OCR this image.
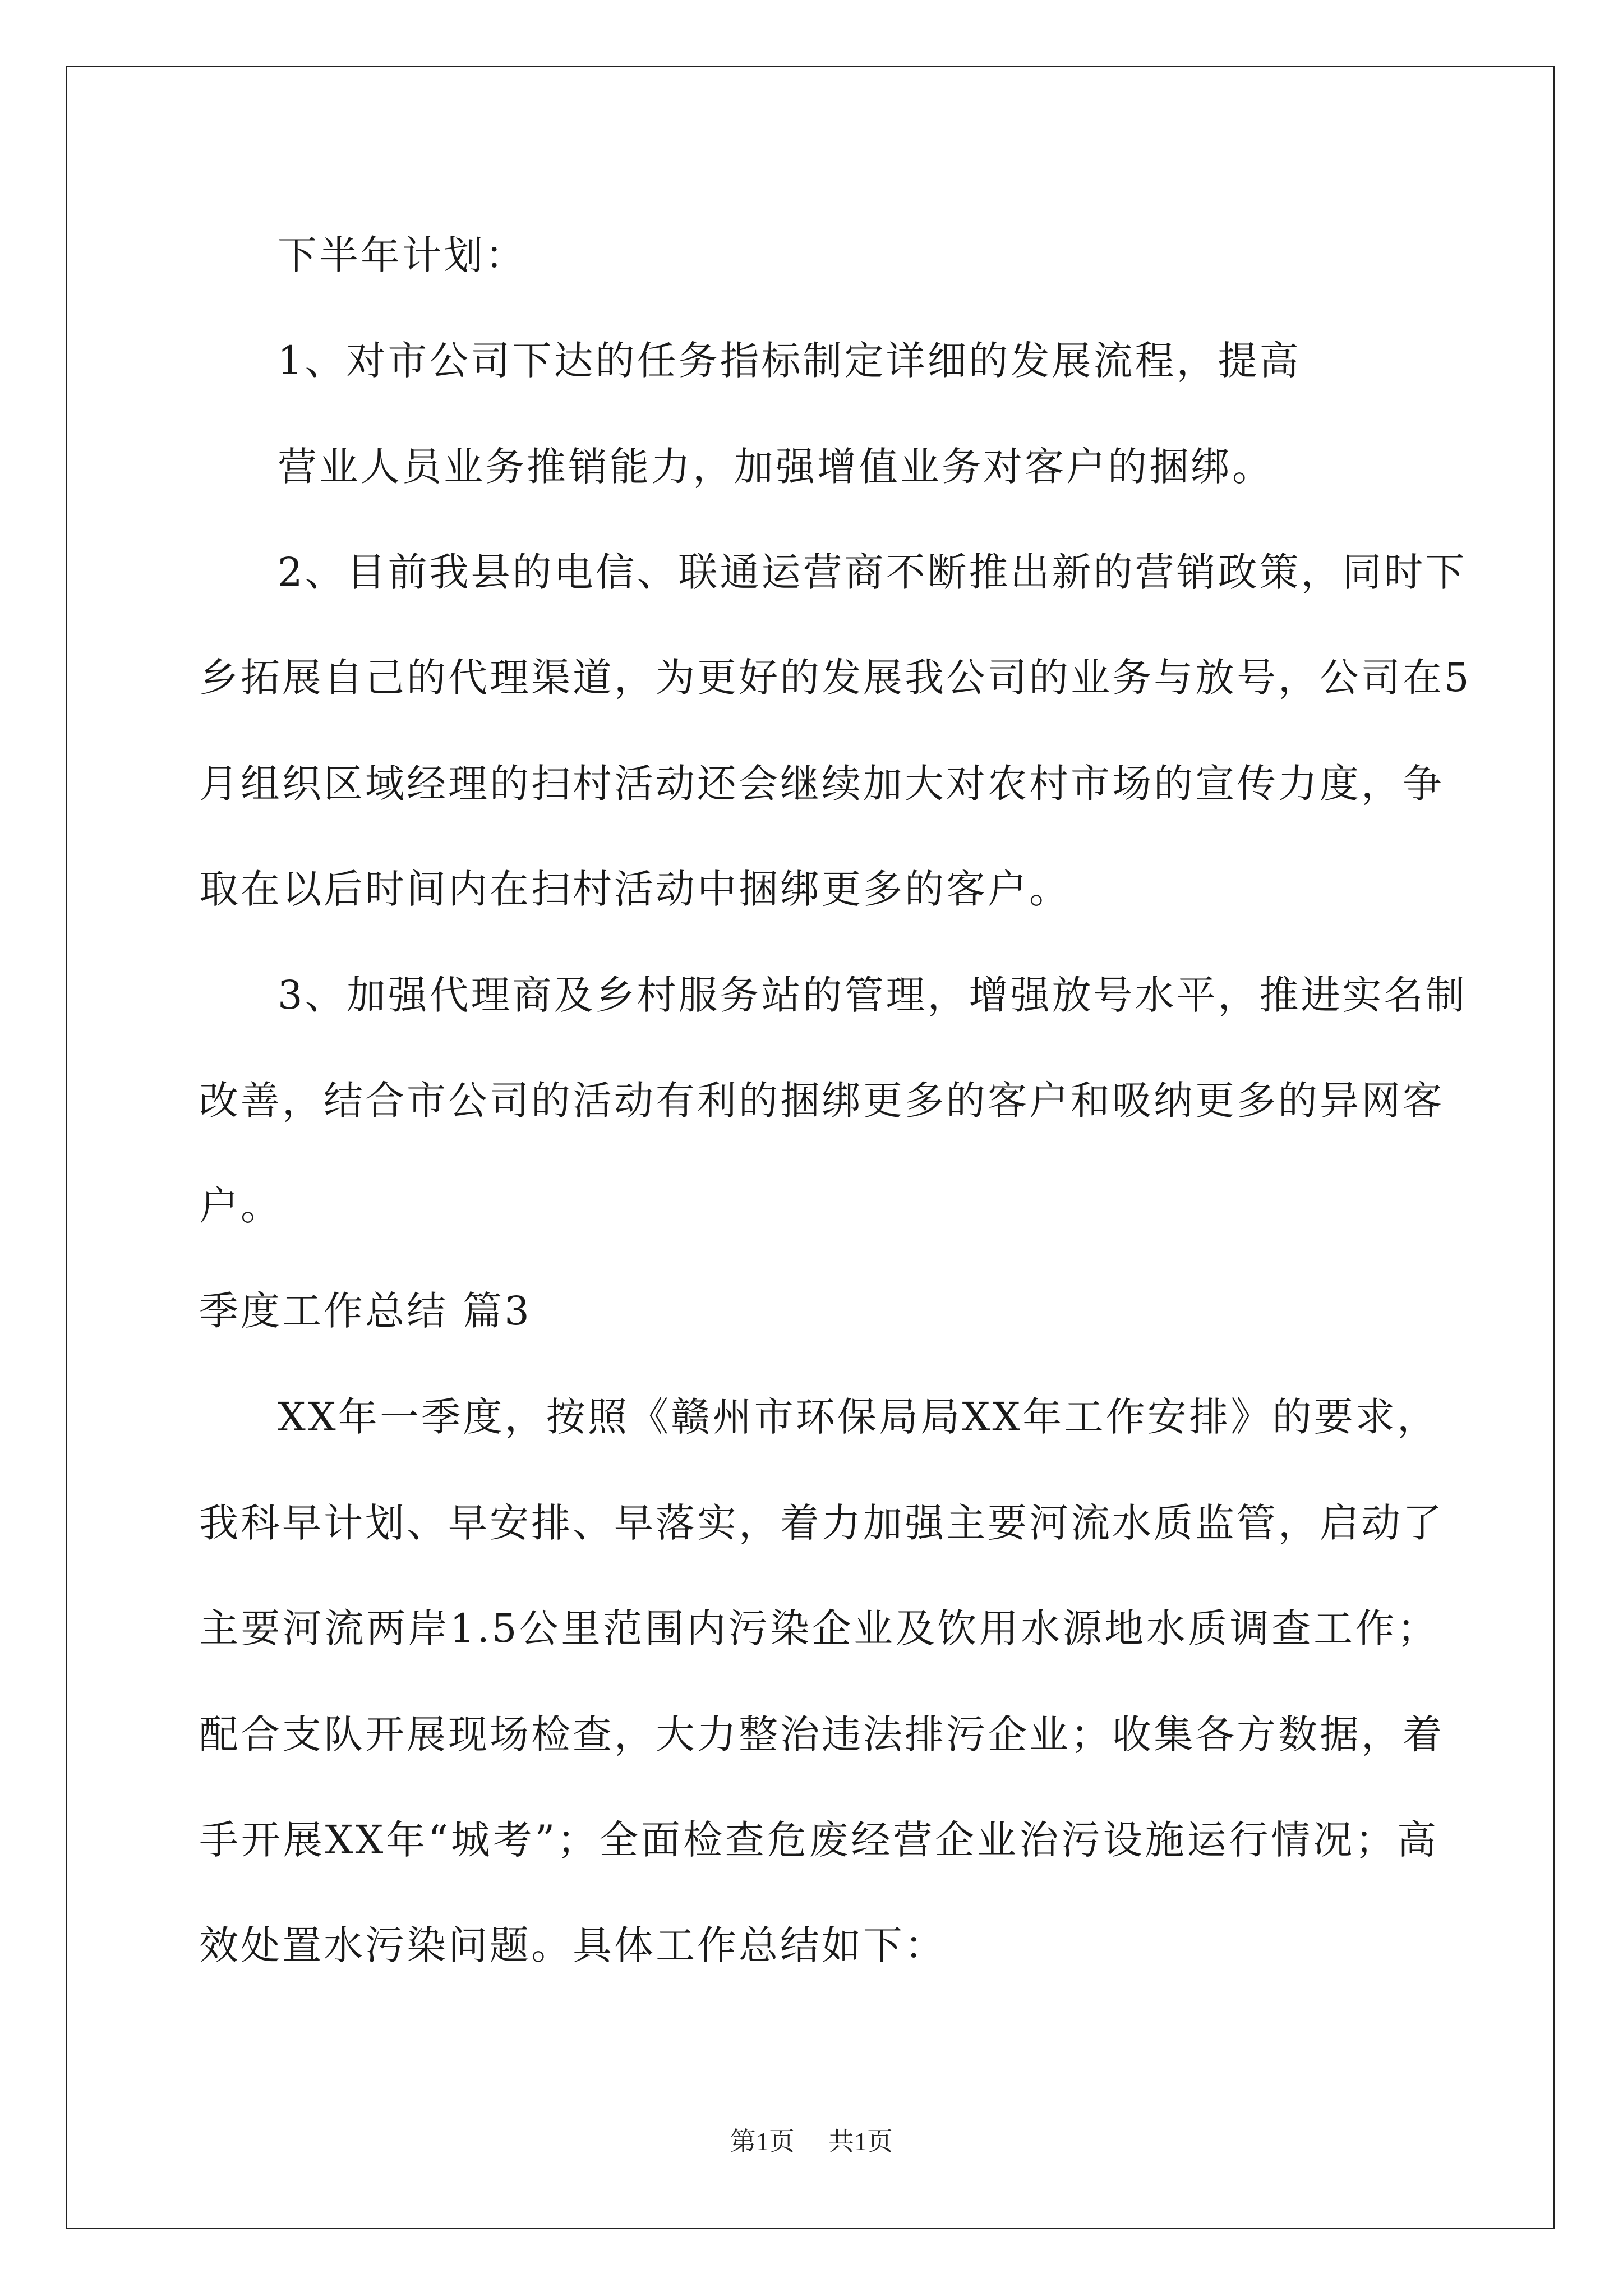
下半年计划：
1、对市公司下达的任务指标制定详细的发展流程，提高
营业人员业务推销能力，加强增值业务对客户的捆绑。
2、目前我县的电信、联通运营商不断推出新的营销政策，同时下
乡拓展自己的代理渠道，为更好的发展我公司的业务与放号，公司在5
月组织区域经理的扫村活动还会继续加大对农村市场的宣传力度，争
取在以后时间内在扫村活动中捆绑更多的客户。
3、加强代理商及乡村服务站的管理，增强放号水平，推进实名制
改善，结合市公司的活动有利的捆绑更多的客户和吸纳更多的异网客
户。
季度工作总结 篇3
XX年一季度，按照《赣州市环保局局XX年工作安排》的要求，
我科早计划、早安排、早落实，着力加强主要河流水质监管，启动了
主要河流两岸1.5公里范围内污染企业及饮用水源地水质调查工作；
配合支队开展现场检查，大力整治违法排污企业；收集各方数据，着
手开展XX年“城考”；全面检查危废经营企业治污设施运行情况；高
效处置水污染问题。具体工作总结如下：
第1页 共1页
